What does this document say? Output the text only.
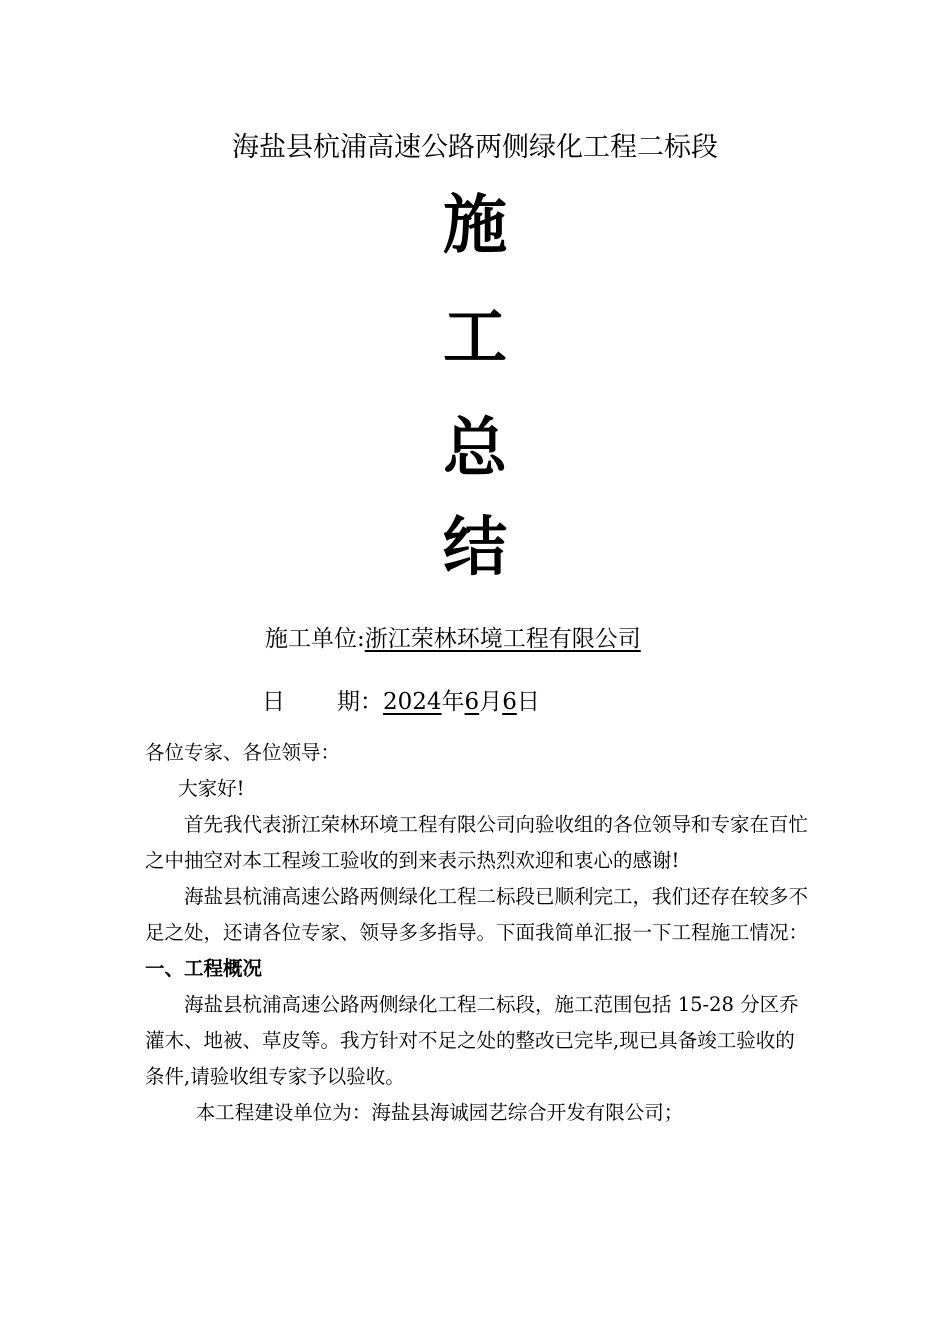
海盐县杭浦高速公路两侧绿化工程二标段
施
工
总
结
施工单位:浙江荣林环境工程有限公司
日 期：2024年6月6日

各位专家、各位领导：

大家好!

首先我代表浙江荣林环境工程有限公司向验收组的各位领导和专家在百忙之中抽空对本工程竣工验收的到来表示热烈欢迎和衷心的感谢!

海盐县杭浦高速公路两侧绿化工程二标段已顺利完工，我们还存在较多不足之处，还请各位专家、领导多多指导。下面我简单汇报一下工程施工情况：

一、工程概况

海盐县杭浦高速公路两侧绿化工程二标段，施工范围包括 15-28 分区乔灌木、地被、草皮等。我方针对不足之处的整改已完毕,现已具备竣工验收的条件,请验收组专家予以验收。

本工程建设单位为：海盐县海诚园艺综合开发有限公司；
